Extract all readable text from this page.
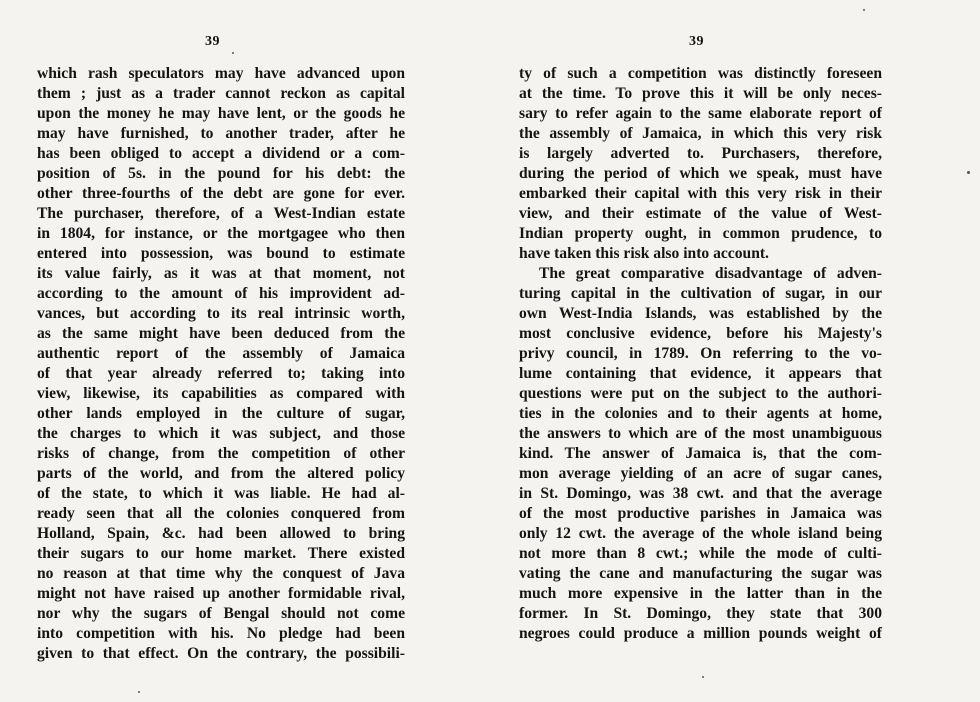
39
which rash speculators may have advanced upon
them ; just as a trader cannot reckon as capital
upon the money he may have lent, or the goods he
may have furnished, to another trader, after he
has been obliged to accept a dividend or a com-
position of 5s. in the pound for his debt: the
other three-fourths of the debt are gone for ever.
The purchaser, therefore, of a West-Indian estate
in 1804, for instance, or the mortgagee who then
entered into possession, was bound to estimate
its value fairly, as it was at that moment, not
according to the amount of his improvident ad-
vances, but according to its real intrinsic worth,
as the same might have been deduced from the
authentic report of the assembly of Jamaica
of that year already referred to; taking into
view, likewise, its capabilities as compared with
other lands employed in the culture of sugar,
the charges to which it was subject, and those
risks of change, from the competition of other
parts of the world, and from the altered policy
of the state, to which it was liable. He had al-
ready seen that all the colonies conquered from
Holland, Spain, &c. had been allowed to bring
their sugars to our home market. There existed
no reason at that time why the conquest of Java
might not have raised up another formidable rival,
nor why the sugars of Bengal should not come
into competition with his. No pledge had been
given to that effect. On the contrary, the possibili-
39
ty of such a competition was distinctly foreseen
at the time. To prove this it will be only neces-
sary to refer again to the same elaborate report of
the assembly of Jamaica, in which this very risk
is largely adverted to. Purchasers, therefore,
during the period of which we speak, must have
embarked their capital with this very risk in their
view, and their estimate of the value of West-
Indian property ought, in common prudence, to
have taken this risk also into account.
The great comparative disadvantage of adven-
turing capital in the cultivation of sugar, in our
own West-India Islands, was established by the
most conclusive evidence, before his Majesty's
privy council, in 1789. On referring to the vo-
lume containing that evidence, it appears that
questions were put on the subject to the authori-
ties in the colonies and to their agents at home,
the answers to which are of the most unambiguous
kind. The answer of Jamaica is, that the com-
mon average yielding of an acre of sugar canes,
in St. Domingo, was 38 cwt. and that the average
of the most productive parishes in Jamaica was
only 12 cwt. the average of the whole island being
not more than 8 cwt.; while the mode of culti-
vating the cane and manufacturing the sugar was
much more expensive in the latter than in the
former. In St. Domingo, they state that 300
negroes could produce a million pounds weight of
